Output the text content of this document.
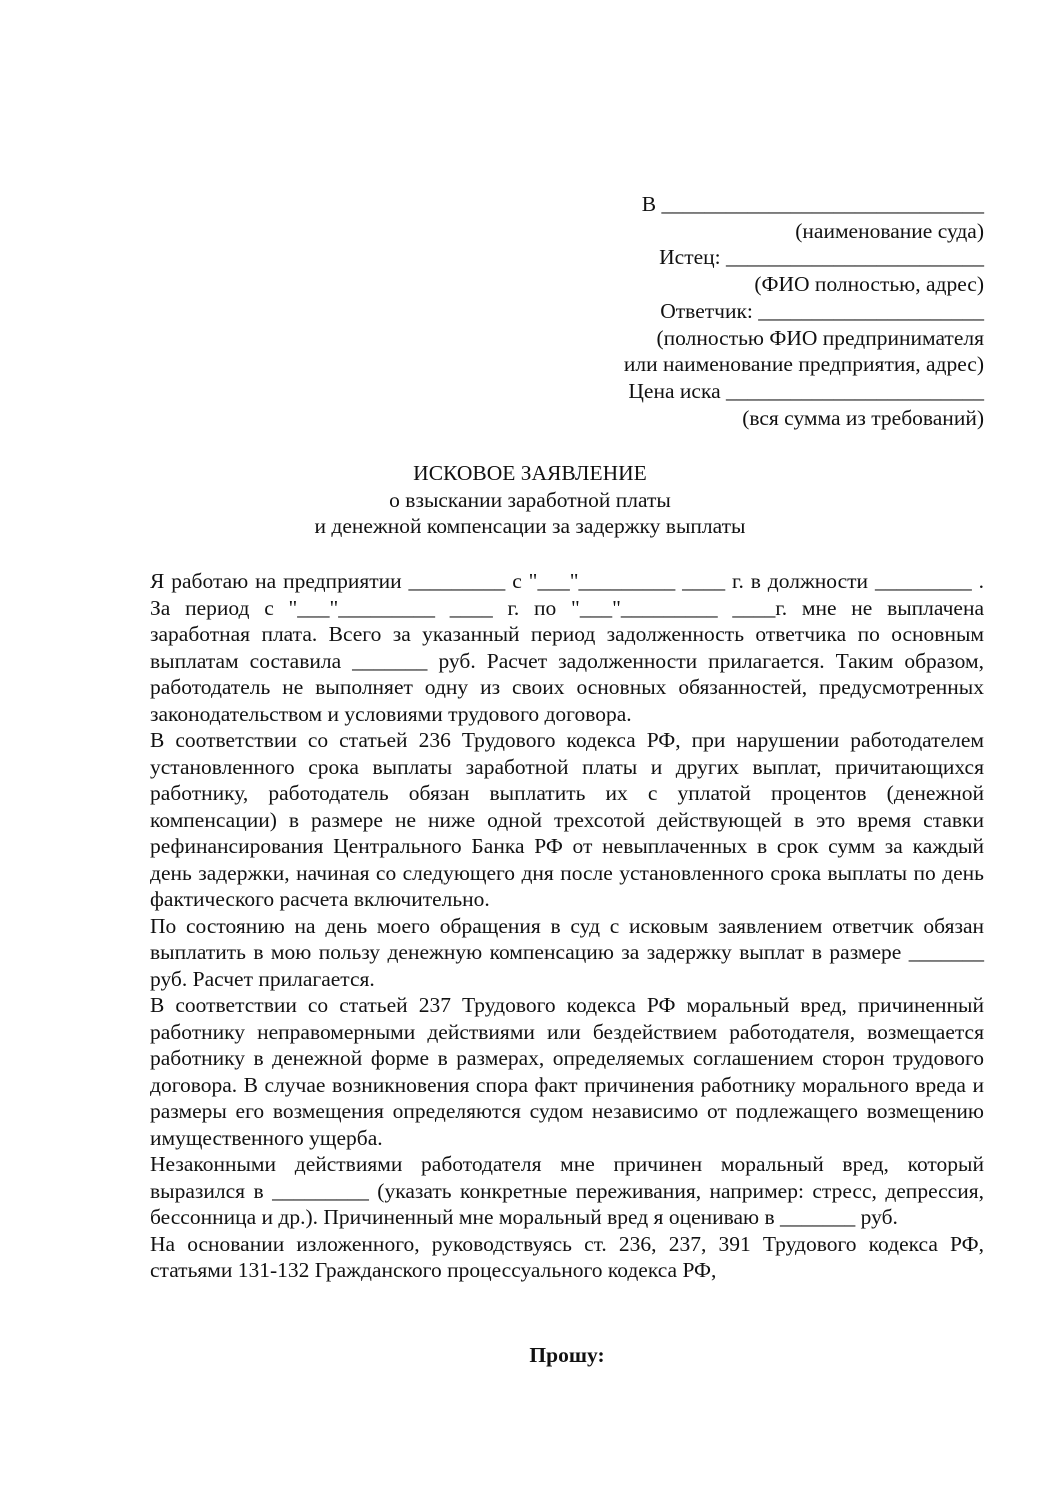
В ______________________________
(наименование суда)
Истец: ________________________
(ФИО полностью, адрес)
Ответчик: _____________________
(полностью ФИО предпринимателя
или наименование предприятия, адрес)
Цена иска ________________________
(вся сумма из требований)
ИСКОВОЕ ЗАЯВЛЕНИЕ
о взыскании заработной платы
и денежной компенсации за задержку выплаты

Я работаю на предприятии _________ с "___"_________ ____ г. в должности _________ . За период с "___"_________ ____ г. по "___"_________ ____г. мне не выплачена заработная плата. Всего за указанный период задолженность ответчика по основным выплатам составила _______ руб. Расчет задолженности прилагается. Таким образом, работодатель не выполняет одну из своих основных обязанностей, предусмотренных законодательством и условиями трудового договора.

В соответствии со статьей 236 Трудового кодекса РФ, при нарушении работодателем установленного срока выплаты заработной платы и других выплат, причитающихся работнику, работодатель обязан выплатить их с уплатой процентов (денежной компенсации) в размере не ниже одной трехсотой действующей в это время ставки рефинансирования Центрального Банка РФ от невыплаченных в срок сумм за каждый день задержки, начиная со следующего дня после установленного срока выплаты по день фактического расчета включительно.

По состоянию на день моего обращения в суд с исковым заявлением ответчик обязан выплатить в мою пользу денежную компенсацию за задержку выплат в размере _______ руб. Расчет прилагается.

В соответствии со статьей 237 Трудового кодекса РФ моральный вред, причиненный работнику неправомерными действиями или бездействием работодателя, возмещается работнику в денежной форме в размерах, определяемых соглашением сторон трудового договора. В случае возникновения спора факт причинения работнику морального вреда и размеры его возмещения определяются судом независимо от подлежащего возмещению имущественного ущерба.

Незаконными действиями работодателя мне причинен моральный вред, который выразился в _________ (указать конкретные переживания, например: стресс, депрессия, бессонница и др.). Причиненный мне моральный вред я оцениваю в _______ руб.

На основании изложенного, руководствуясь ст. 236, 237, 391 Трудового кодекса РФ, статьями 131-132 Гражданского процессуального кодекса РФ,

Прошу:
